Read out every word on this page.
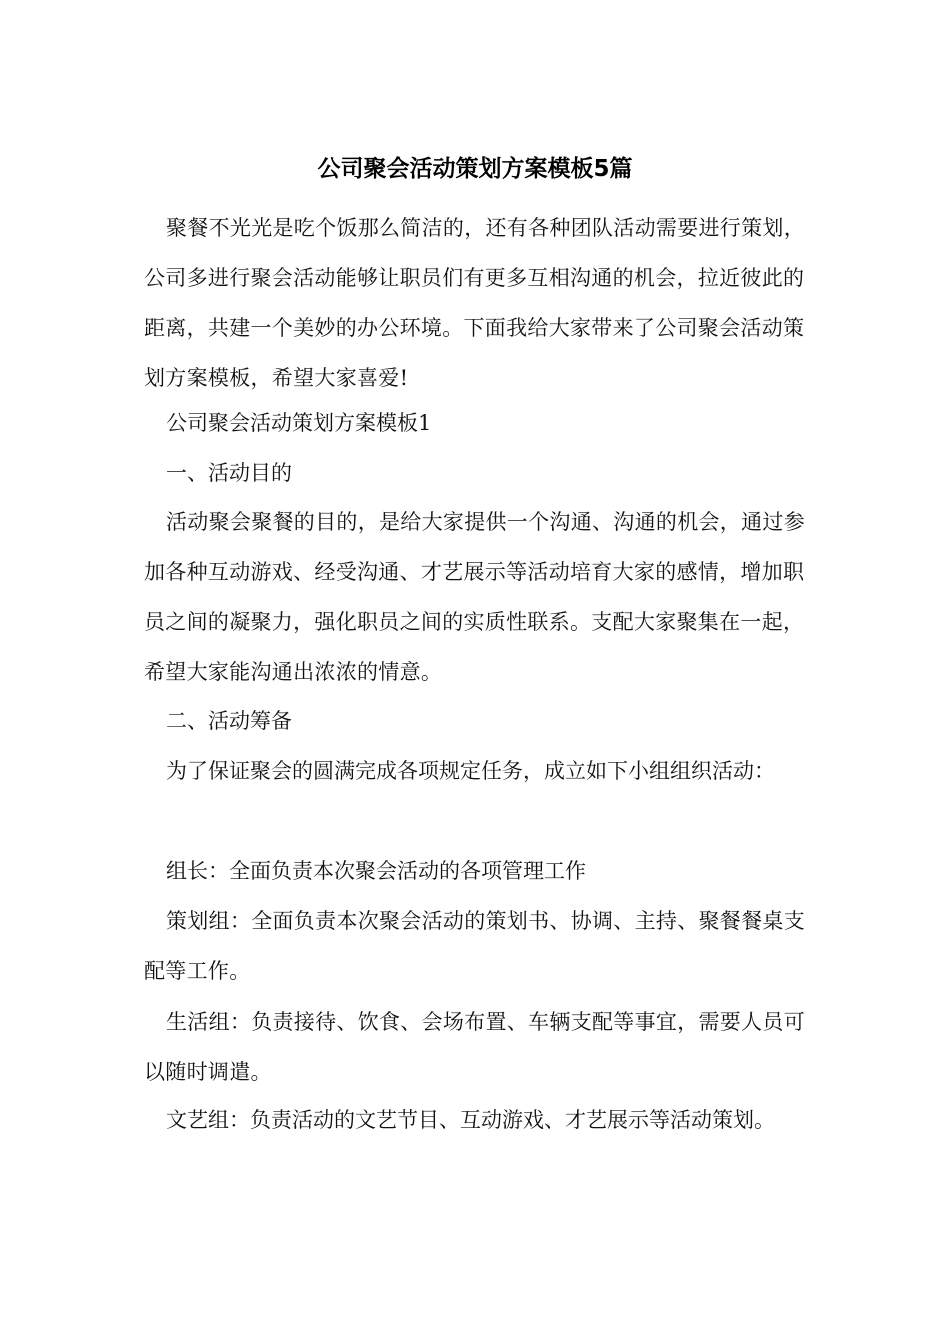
公司聚会活动策划方案模板5篇
聚餐不光光是吃个饭那么简洁的，还有各种团队活动需要进行策划，公司多进行聚会活动能够让职员们有更多互相沟通的机会，拉近彼此的距离，共建一个美妙的办公环境。下面我给大家带来了公司聚会活动策划方案模板，希望大家喜爱!
公司聚会活动策划方案模板1
一、活动目的
活动聚会聚餐的目的，是给大家提供一个沟通、沟通的机会，通过参加各种互动游戏、经受沟通、才艺展示等活动培育大家的感情，增加职员之间的凝聚力，强化职员之间的实质性联系。支配大家聚集在一起，希望大家能沟通出浓浓的情意。
二、活动筹备
为了保证聚会的圆满完成各项规定任务，成立如下小组组织活动：
组长：全面负责本次聚会活动的各项管理工作
策划组：全面负责本次聚会活动的策划书、协调、主持、聚餐餐桌支配等工作。
生活组：负责接待、饮食、会场布置、车辆支配等事宜，需要人员可以随时调遣。
文艺组：负责活动的文艺节目、互动游戏、才艺展示等活动策划。
